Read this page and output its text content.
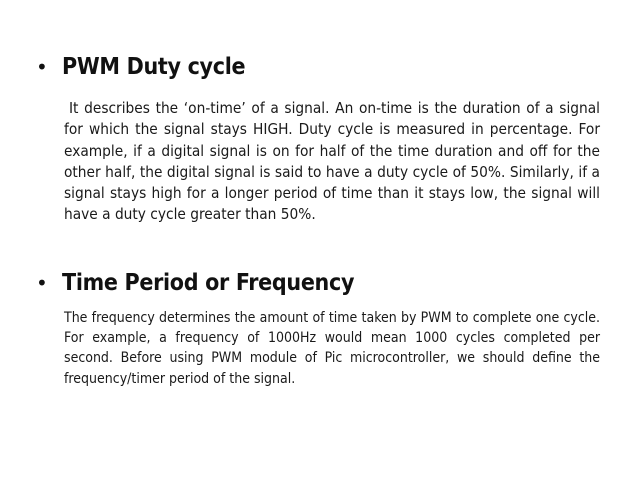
• PWM Duty cycle

It describes the ‘on-time’ of a signal. An on-time is the duration of a signal for which the signal stays HIGH. Duty cycle is measured in percentage. For example, if a digital signal is on for half of the time duration and off for the other half, the digital signal is said to have a duty cycle of 50%. Similarly, if a signal stays high for a longer period of time than it stays low, the signal will have a duty cycle greater than 50%.

• Time Period or Frequency

The frequency determines the amount of time taken by PWM to complete one cycle. For example, a frequency of 1000Hz would mean 1000 cycles completed per second. Before using PWM module of Pic microcontroller, we should define the frequency/timer period of the signal.
